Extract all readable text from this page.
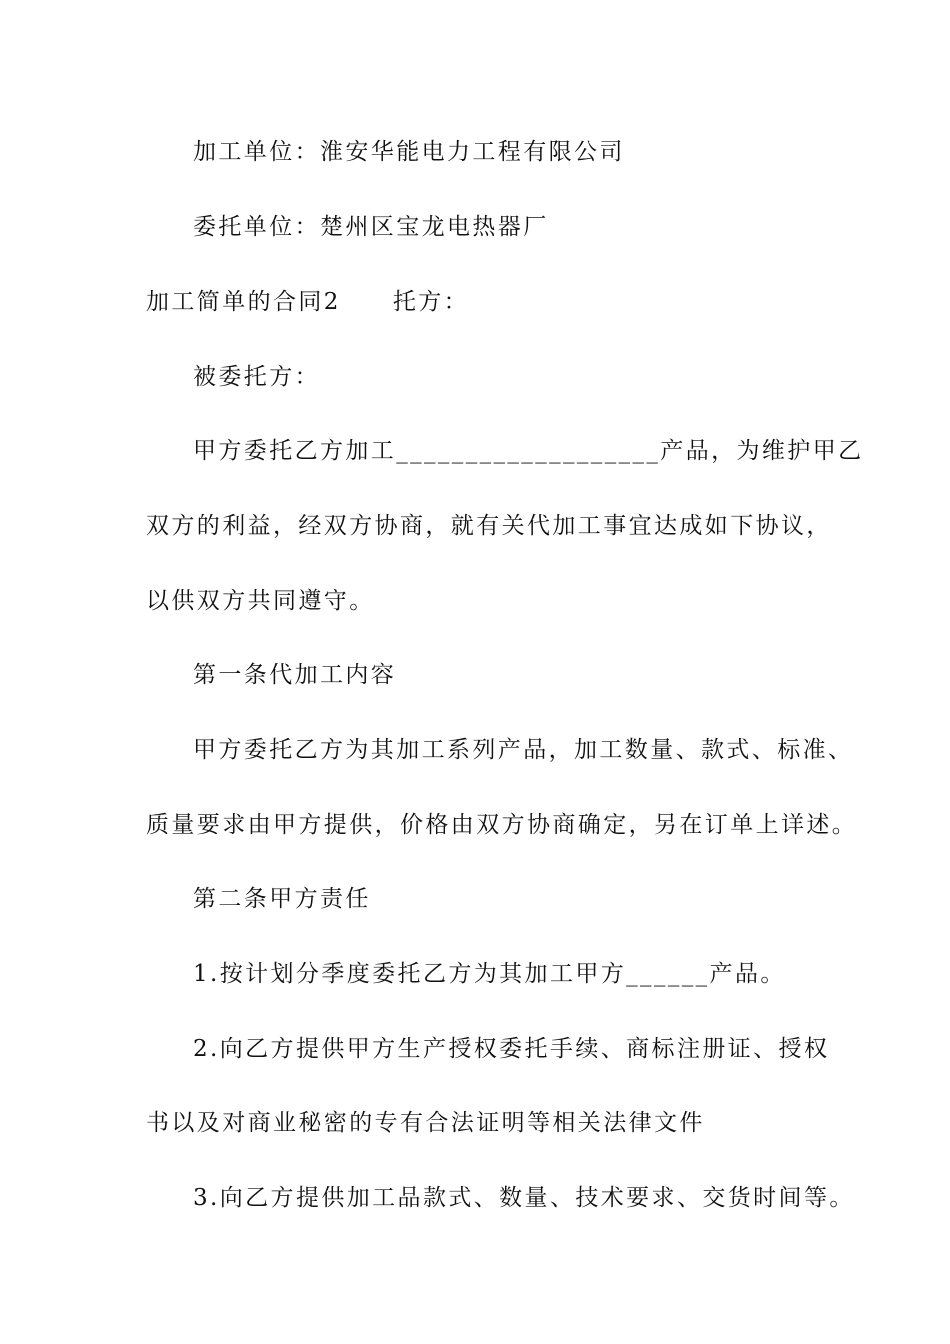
加工单位：淮安华能电力工程有限公司
委托单位：楚州区宝龙电热器厂
加工简单的合同2 托方：
被委托方：
甲方委托乙方加工___________________产品，为维护甲乙
双方的利益，经双方协商，就有关代加工事宜达成如下协议，
以供双方共同遵守。
第一条代加工内容
甲方委托乙方为其加工系列产品，加工数量、款式、标准、
质量要求由甲方提供，价格由双方协商确定，另在订单上详述。
第二条甲方责任
1.按计划分季度委托乙方为其加工甲方______产品。
2.向乙方提供甲方生产授权委托手续、商标注册证、授权
书以及对商业秘密的专有合法证明等相关法律文件
3.向乙方提供加工品款式、数量、技术要求、交货时间等。
